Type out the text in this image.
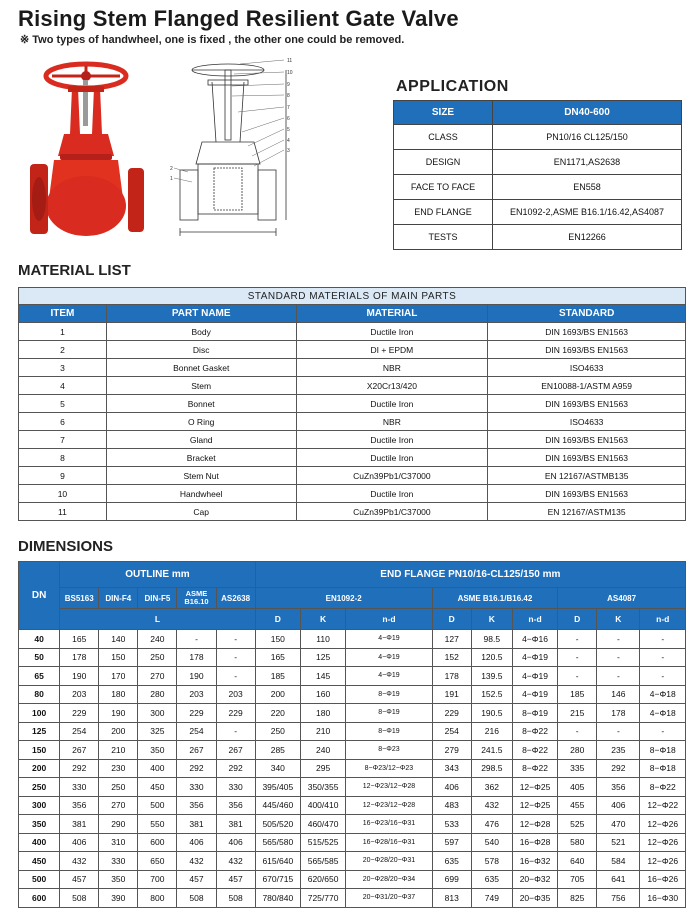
Rising Stem Flanged Resilient Gate Valve
※ Two types of handwheel, one is fixed , the other one could be removed.
11
10
9
8
7
6
5
4
3
2
1
APPLICATION
SIZE	DN40-600
CLASS	PN10/16 CL125/150
DESIGN	EN1171,AS2638
FACE TO FACE	EN558
END FLANGE	EN1092-2,ASME B16.1/16.42,AS4087
TESTS	EN12266
MATERIAL LIST
STANDARD MATERIALS OF MAIN PARTS			
ITEM	PART NAME	MATERIAL	STANDARD
1	Body	Ductile Iron	DIN 1693/BS EN1563
2	Disc	DI + EPDM	DIN 1693/BS EN1563
3	Bonnet Gasket	NBR	ISO4633
4	Stem	X20Cr13/420	EN10088-1/ASTM A959
5	Bonnet	Ductile Iron	DIN 1693/BS EN1563
6	O Ring	NBR	ISO4633
7	Gland	Ductile Iron	DIN 1693/BS EN1563
8	Bracket	Ductile Iron	DIN 1693/BS EN1563
9	Stem Nut	CuZn39Pb1/C37000	EN 12167/ASTMB135
10	Handwheel	Ductile Iron	DIN 1693/BS EN1563
11	Cap	CuZn39Pb1/C37000	EN 12167/ASTM135
DIMENSIONS
DN	OUTLINE mm					END FLANGE PN10/16-CL125/150 mm								
	BS5163	DIN-F4	DIN-F5	ASME B16.10	AS2638	EN1092-2			ASME B16.1/B16.42			AS4087		
	L					D	K	n-d	D	K	n-d	D	K	n-d
40	165	140	240	-	-	150	110	4−Φ19	127	98.5	4−Φ16	-	-	-
50	178	150	250	178	-	165	125	4−Φ19	152	120.5	4−Φ19	-	-	-
65	190	170	270	190	-	185	145	4−Φ19	178	139.5	4−Φ19	-	-	-
80	203	180	280	203	203	200	160	8−Φ19	191	152.5	4−Φ19	185	146	4−Φ18
100	229	190	300	229	229	220	180	8−Φ19	229	190.5	8−Φ19	215	178	4−Φ18
125	254	200	325	254	-	250	210	8−Φ19	254	216	8−Φ22	-	-	-
150	267	210	350	267	267	285	240	8−Φ23	279	241.5	8−Φ22	280	235	8−Φ18
200	292	230	400	292	292	340	295	8−Φ23/12−Φ23	343	298.5	8−Φ22	335	292	8−Φ18
250	330	250	450	330	330	395/405	350/355	12−Φ23/12−Φ28	406	362	12−Φ25	405	356	8−Φ22
300	356	270	500	356	356	445/460	400/410	12−Φ23/12−Φ28	483	432	12−Φ25	455	406	12−Φ22
350	381	290	550	381	381	505/520	460/470	16−Φ23/16−Φ31	533	476	12−Φ28	525	470	12−Φ26
400	406	310	600	406	406	565/580	515/525	16−Φ28/16−Φ31	597	540	16−Φ28	580	521	12−Φ26
450	432	330	650	432	432	615/640	565/585	20−Φ28/20−Φ31	635	578	16−Φ32	640	584	12−Φ26
500	457	350	700	457	457	670/715	620/650	20−Φ28/20−Φ34	699	635	20−Φ32	705	641	16−Φ26
600	508	390	800	508	508	780/840	725/770	20−Φ31/20−Φ37	813	749	20−Φ35	825	756	16−Φ30
